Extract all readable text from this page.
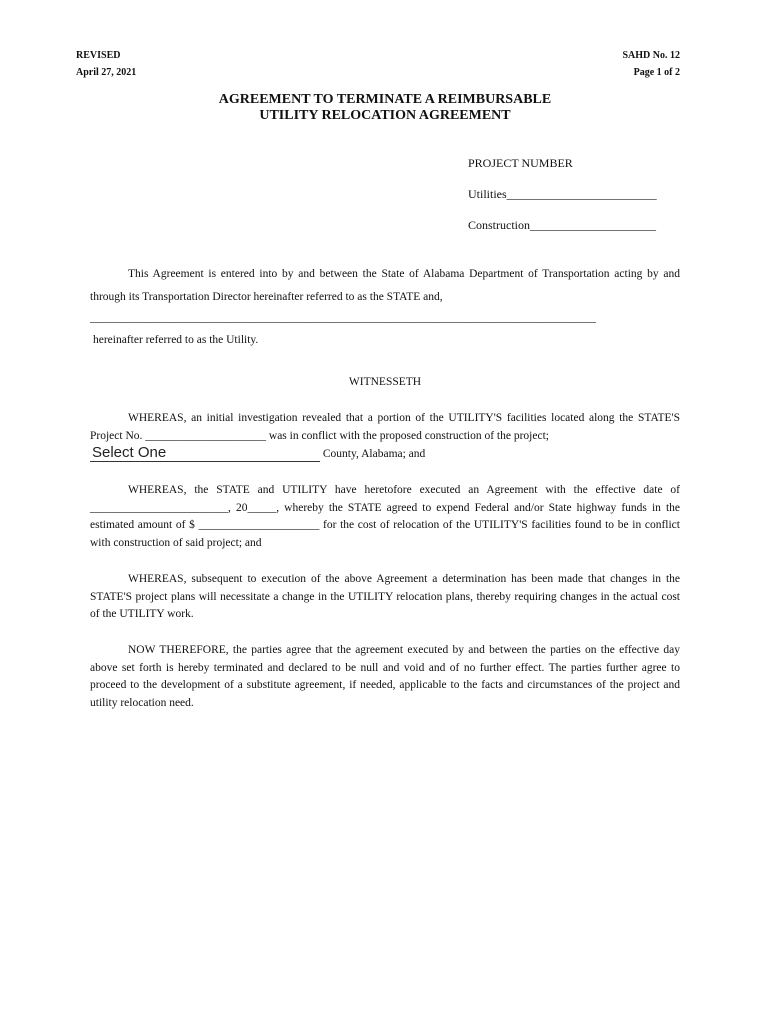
REVISED
April 27, 2021
SAHD No. 12
Page 1 of 2
AGREEMENT TO TERMINATE A REIMBURSABLE
UTILITY RELOCATION AGREEMENT
PROJECT NUMBER
Utilities_________________________
Construction_____________________
This Agreement is entered into by and between the State of Alabama Department of Transportation acting by and through its Transportation Director hereinafter referred to as the STATE and,
________________________________________________________________________________________
hereinafter referred to as the Utility.
WITNESSETH
WHEREAS, an initial investigation revealed that a portion of the UTILITY'S facilities located along the STATE'S Project No. _____________________ was in conflict with the proposed construction of the project;
Select One	County, Alabama; and
WHEREAS, the STATE and UTILITY have heretofore executed an Agreement with the effective date of ________________________, 20_____, whereby the STATE agreed to expend Federal and/or State highway funds in the estimated amount of $ _____________________ for the cost of relocation of the UTILITY'S facilities found to be in conflict with construction of said project; and
WHEREAS, subsequent to execution of the above Agreement a determination has been made that changes in the STATE'S project plans will necessitate a change in the UTILITY relocation plans, thereby requiring changes in the actual cost of the UTILITY work.
NOW THEREFORE, the parties agree that the agreement executed by and between the parties on the effective day above set forth is hereby terminated and declared to be null and void and of no further effect. The parties further agree to proceed to the development of a substitute agreement, if needed, applicable to the facts and circumstances of the project and utility relocation need.
